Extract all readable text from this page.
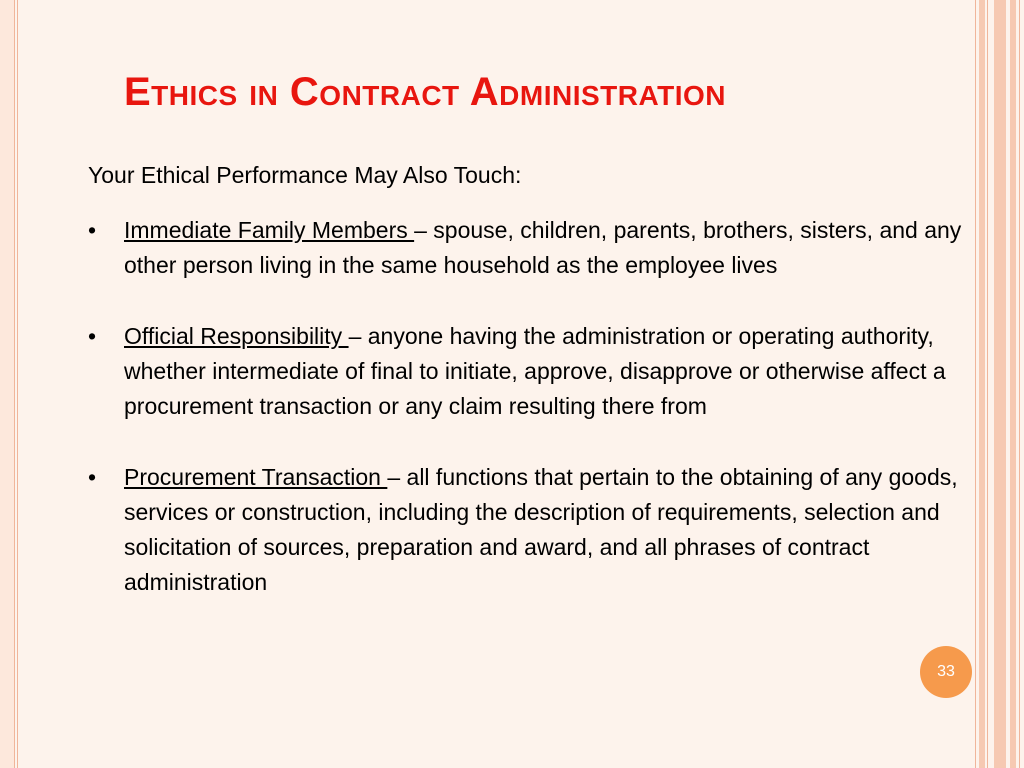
Ethics in Contract Administration

Your Ethical Performance May Also Touch:

• Immediate Family Members – spouse, children, parents, brothers, sisters, and any other person living in the same household as the employee lives
• Official Responsibility – anyone having the administration or operating authority, whether intermediate of final to initiate, approve, disapprove or otherwise affect a procurement transaction or any claim resulting there from
• Procurement Transaction – all functions that pertain to the obtaining of any goods, services or construction, including the description of requirements, selection and solicitation of sources, preparation and award, and all phrases of contract administration
33
